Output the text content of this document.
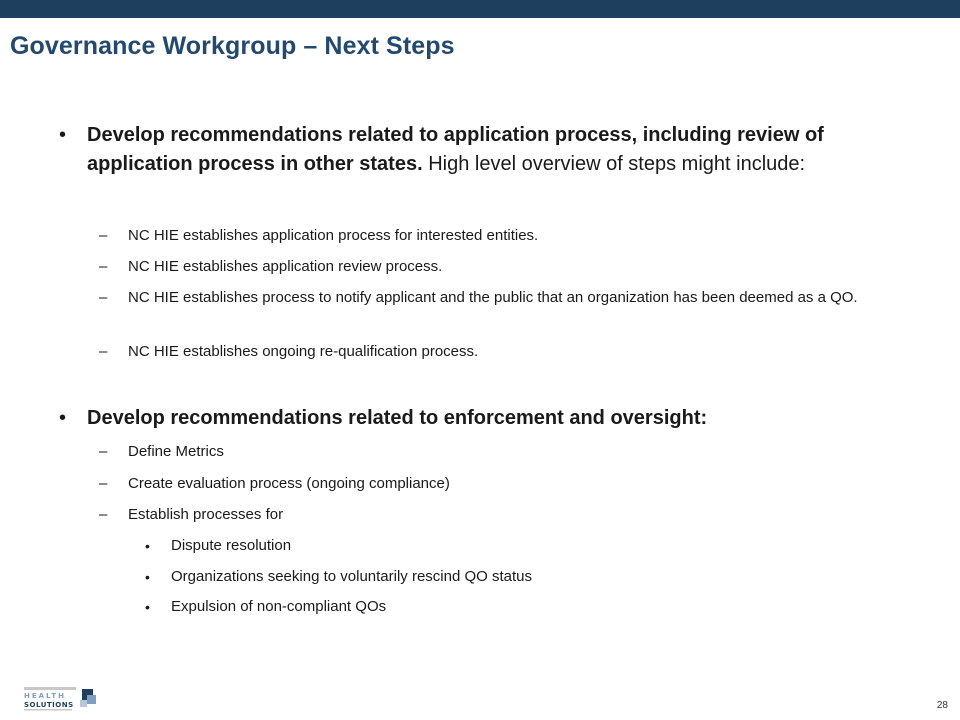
Governance Workgroup – Next Steps
• Develop recommendations related to application process, including review of application process in other states. High level overview of steps might include:
– NC HIE establishes application process for interested entities.
– NC HIE establishes application review process.
– NC HIE establishes process to notify applicant and the public that an organization has been deemed as a QO.
– NC HIE establishes ongoing re-qualification process.
• Develop recommendations related to enforcement and oversight:
– Define Metrics
– Create evaluation process (ongoing compliance)
– Establish processes for
• Dispute resolution
• Organizations seeking to voluntarily rescind QO status
• Expulsion of non-compliant QOs
HEALTH
SOLUTIONS	28
